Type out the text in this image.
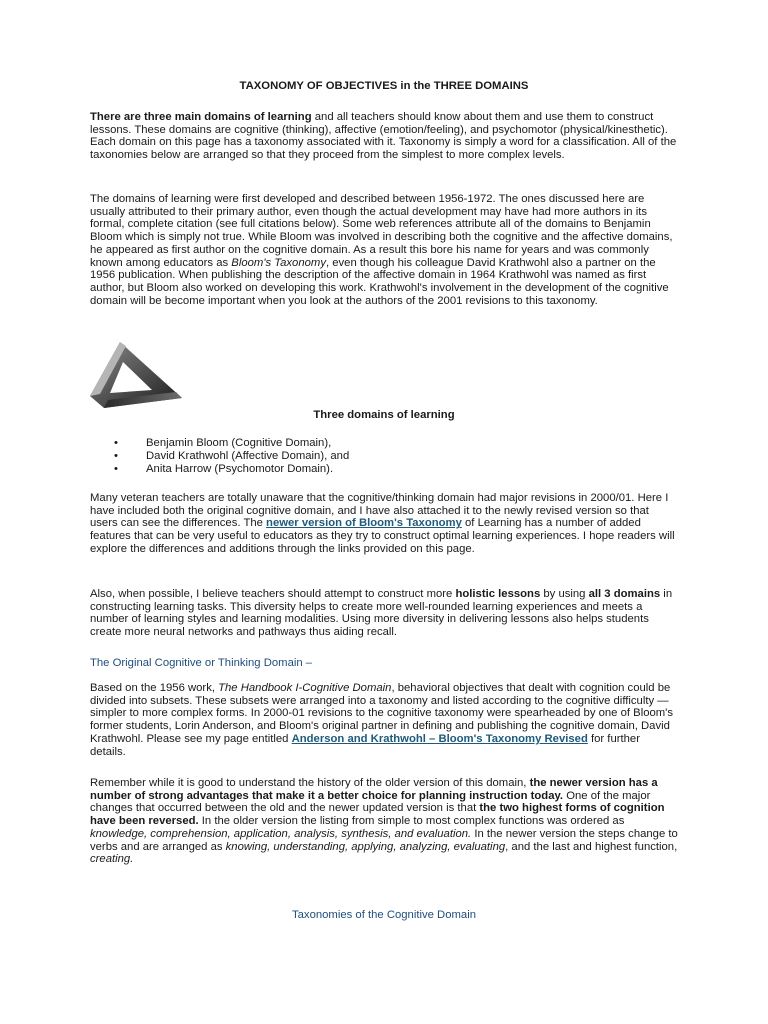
TAXONOMY OF OBJECTIVES in the THREE DOMAINS

There are three main domains of learning and all teachers should know about them and use them to construct lessons. These domains are cognitive (thinking), affective (emotion/feeling), and psychomotor (physical/kinesthetic). Each domain on this page has a taxonomy associated with it. Taxonomy is simply a word for a classification. All of the taxonomies below are arranged so that they proceed from the simplest to more complex levels.

The domains of learning were first developed and described between 1956-1972. The ones discussed here are usually attributed to their primary author, even though the actual development may have had more authors in its formal, complete citation (see full citations below). Some web references attribute all of the domains to Benjamin Bloom which is simply not true. While Bloom was involved in describing both the cognitive and the affective domains, he appeared as first author on the cognitive domain. As a result this bore his name for years and was commonly known among educators as Bloom's Taxonomy, even though his colleague David Krathwohl also a partner on the 1956 publication. When publishing the description of the affective domain in 1964 Krathwohl was named as first author, but Bloom also worked on developing this work. Krathwohl's involvement in the development of the cognitive domain will be become important when you look at the authors of the 2001 revisions to this taxonomy.

Three domains of learning

• Benjamin Bloom (Cognitive Domain),
• David Krathwohl (Affective Domain), and
• Anita Harrow (Psychomotor Domain).

Many veteran teachers are totally unaware that the cognitive/thinking domain had major revisions in 2000/01. Here I have included both the original cognitive domain, and I have also attached it to the newly revised version so that users can see the differences. The newer version of Bloom's Taxonomy of Learning has a number of added features that can be very useful to educators as they try to construct optimal learning experiences. I hope readers will explore the differences and additions through the links provided on this page.

Also, when possible, I believe teachers should attempt to construct more holistic lessons by using all 3 domains in constructing learning tasks. This diversity helps to create more well-rounded learning experiences and meets a number of learning styles and learning modalities. Using more diversity in delivering lessons also helps students create more neural networks and pathways thus aiding recall.

The Original Cognitive or Thinking Domain –

Based on the 1956 work, The Handbook I-Cognitive Domain, behavioral objectives that dealt with cognition could be divided into subsets. These subsets were arranged into a taxonomy and listed according to the cognitive difficulty — simpler to more complex forms. In 2000-01 revisions to the cognitive taxonomy were spearheaded by one of Bloom's former students, Lorin Anderson, and Bloom's original partner in defining and publishing the cognitive domain, David Krathwohl. Please see my page entitled Anderson and Krathwohl – Bloom's Taxonomy Revised for further details.

Remember while it is good to understand the history of the older version of this domain, the newer version has a number of strong advantages that make it a better choice for planning instruction today. One of the major changes that occurred between the old and the newer updated version is that the two highest forms of cognition have been reversed. In the older version the listing from simple to most complex functions was ordered as knowledge, comprehension, application, analysis, synthesis, and evaluation. In the newer version the steps change to verbs and are arranged as knowing, understanding, applying, analyzing, evaluating, and the last and highest function, creating.

Taxonomies of the Cognitive Domain
